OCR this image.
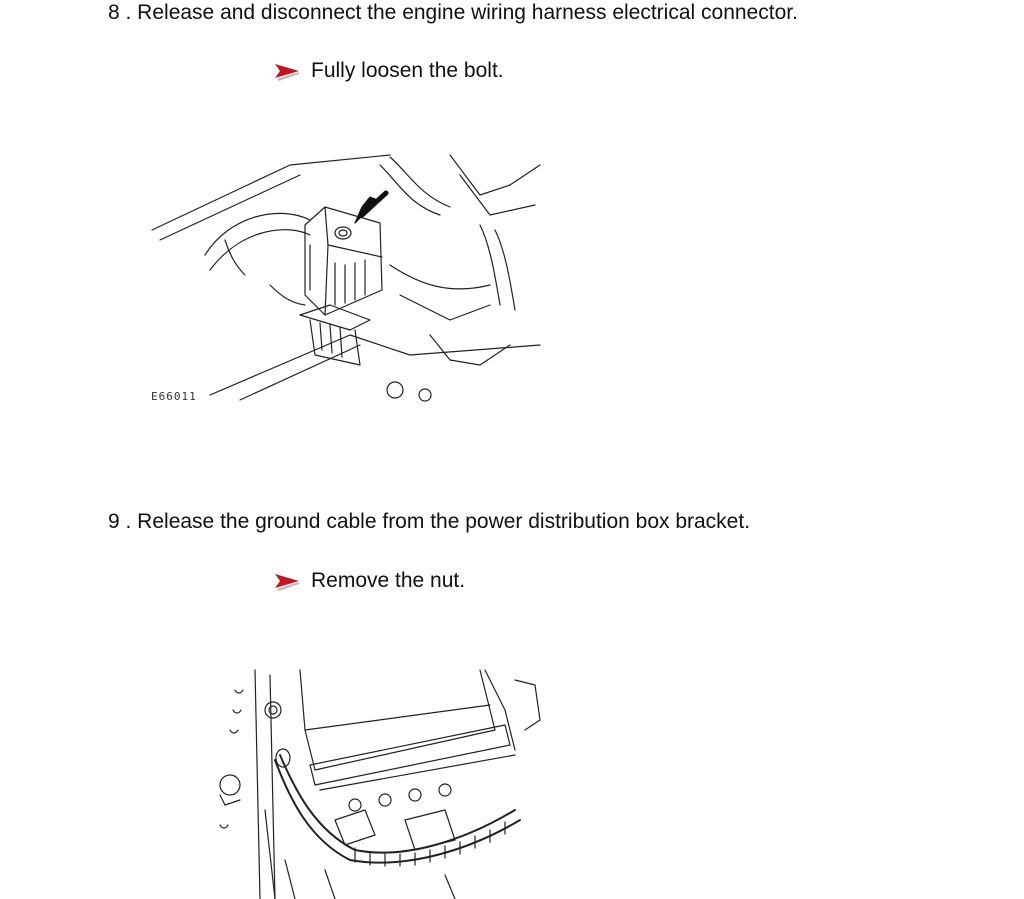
8 . Release and disconnect the engine wiring harness electrical connector.
Fully loosen the bolt.
E66011
9 . Release the ground cable from the power distribution box bracket.
Remove the nut.
